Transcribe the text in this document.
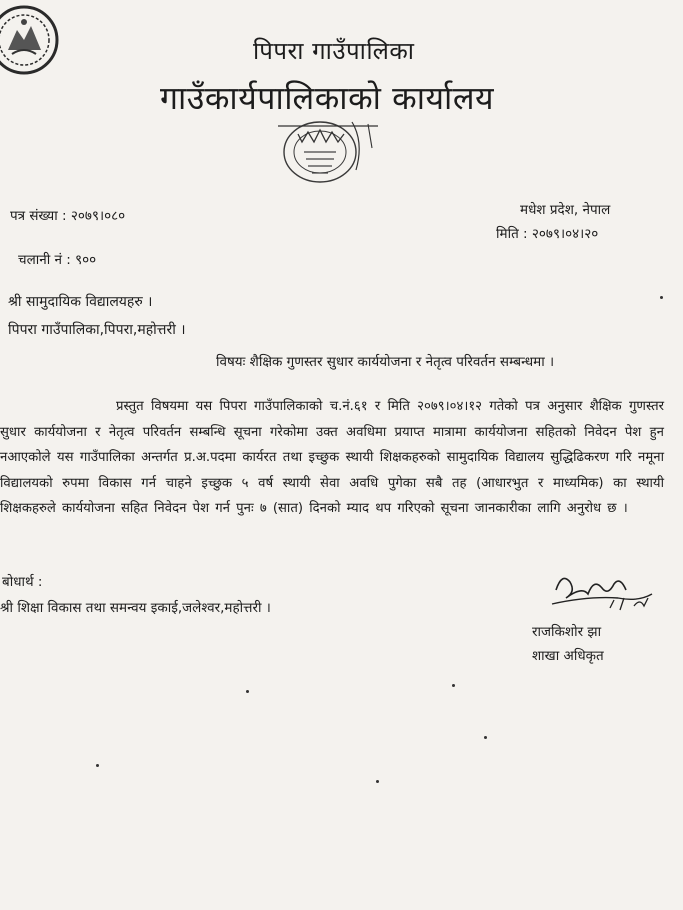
पिपरा गाउँपालिका
गाउँकार्यपालिकाको कार्यालय
पत्र संख्या : २०७९।०८०
चलानी नं : ९००
मधेश प्रदेश, नेपाल
मिति : २०७९।०४।२०
श्री सामुदायिक विद्यालयहरु ।
पिपरा गाउँपालिका,पिपरा,महोत्तरी ।
विषयः शैक्षिक गुणस्तर सुधार कार्ययोजना र नेतृत्व परिवर्तन सम्बन्धमा ।

प्रस्तुत विषयमा यस पिपरा गाउँपालिकाको च.नं.६१ र मिति २०७९।०४।१२ गतेको पत्र अनुसार शैक्षिक गुणस्तर सुधार कार्ययोजना र नेतृत्व परिवर्तन सम्बन्धि सूचना गरेकोमा उक्त अवधिमा प्रयाप्त मात्रामा कार्ययोजना सहितको निवेदन पेश हुन नआएकोले यस गाउँपालिका अन्तर्गत प्र.अ.पदमा कार्यरत तथा इच्छुक स्थायी शिक्षकहरुको सामुदायिक विद्यालय सुद्धिढिकरण गरि नमूना विद्यालयको रुपमा विकास गर्न चाहने इच्छुक ५ वर्ष स्थायी सेवा अवधि पुगेका सबै तह (आधारभुत र माध्यमिक) का स्थायी शिक्षकहरुले कार्ययोजना सहित निवेदन पेश गर्न पुनः ७ (सात) दिनको म्याद थप गरिएको सूचना जानकारीका लागि अनुरोध छ ।

बोधार्थ :
श्री शिक्षा विकास तथा समन्वय इकाई,जलेश्वर,महोत्तरी ।
राजकिशोर झा
शाखा अधिकृत
